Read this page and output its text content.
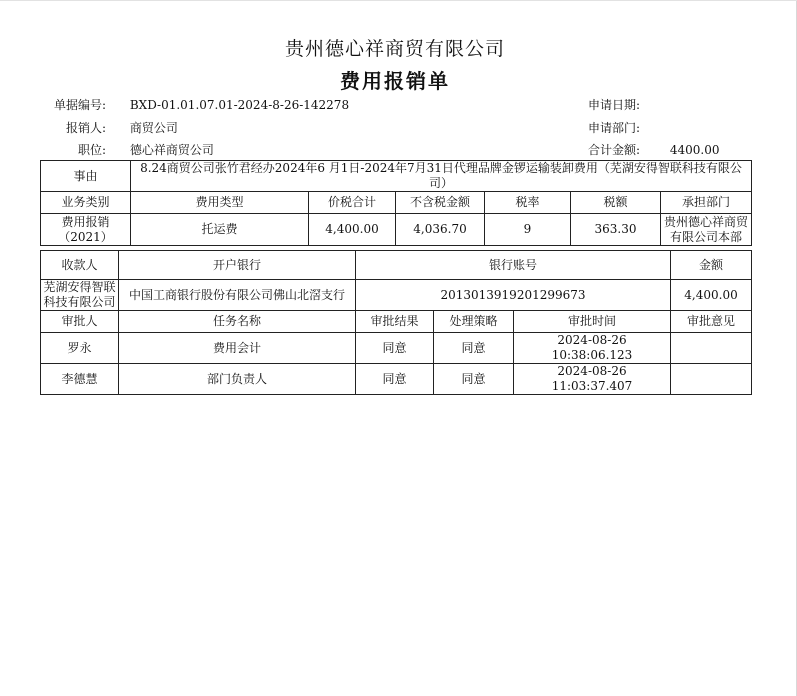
贵州德心祥商贸有限公司
费用报销单
单据编号: BXD-01.01.07.01-2024-8-26-142278
报销人: 商贸公司
职位: 德心祥商贸公司
申请日期:
申请部门:
合计金额: 4400.00
事由	8.24商贸公司张竹君经办2024年6 月1日-2024年7月31日代理品牌金锣运输装卸费用（芜湖安得智联科技有限公司）					
业务类别	费用类型	价税合计	不含税金额	税率	税额	承担部门
费用报销（2021）	托运费	4,400.00	4,036.70	9	363.30	贵州德心祥商贸有限公司本部
收款人	开户银行	银行账号			金额
芜湖安得智联科技有限公司	中国工商银行股份有限公司佛山北滘支行	2013013919201299673			4,400.00
审批人	任务名称	审批结果	处理策略	审批时间	审批意见
罗永	费用会计	同意	同意	2024-08-26 10:38:06.123	
李德慧	部门负责人	同意	同意	2024-08-26 11:03:37.407	
